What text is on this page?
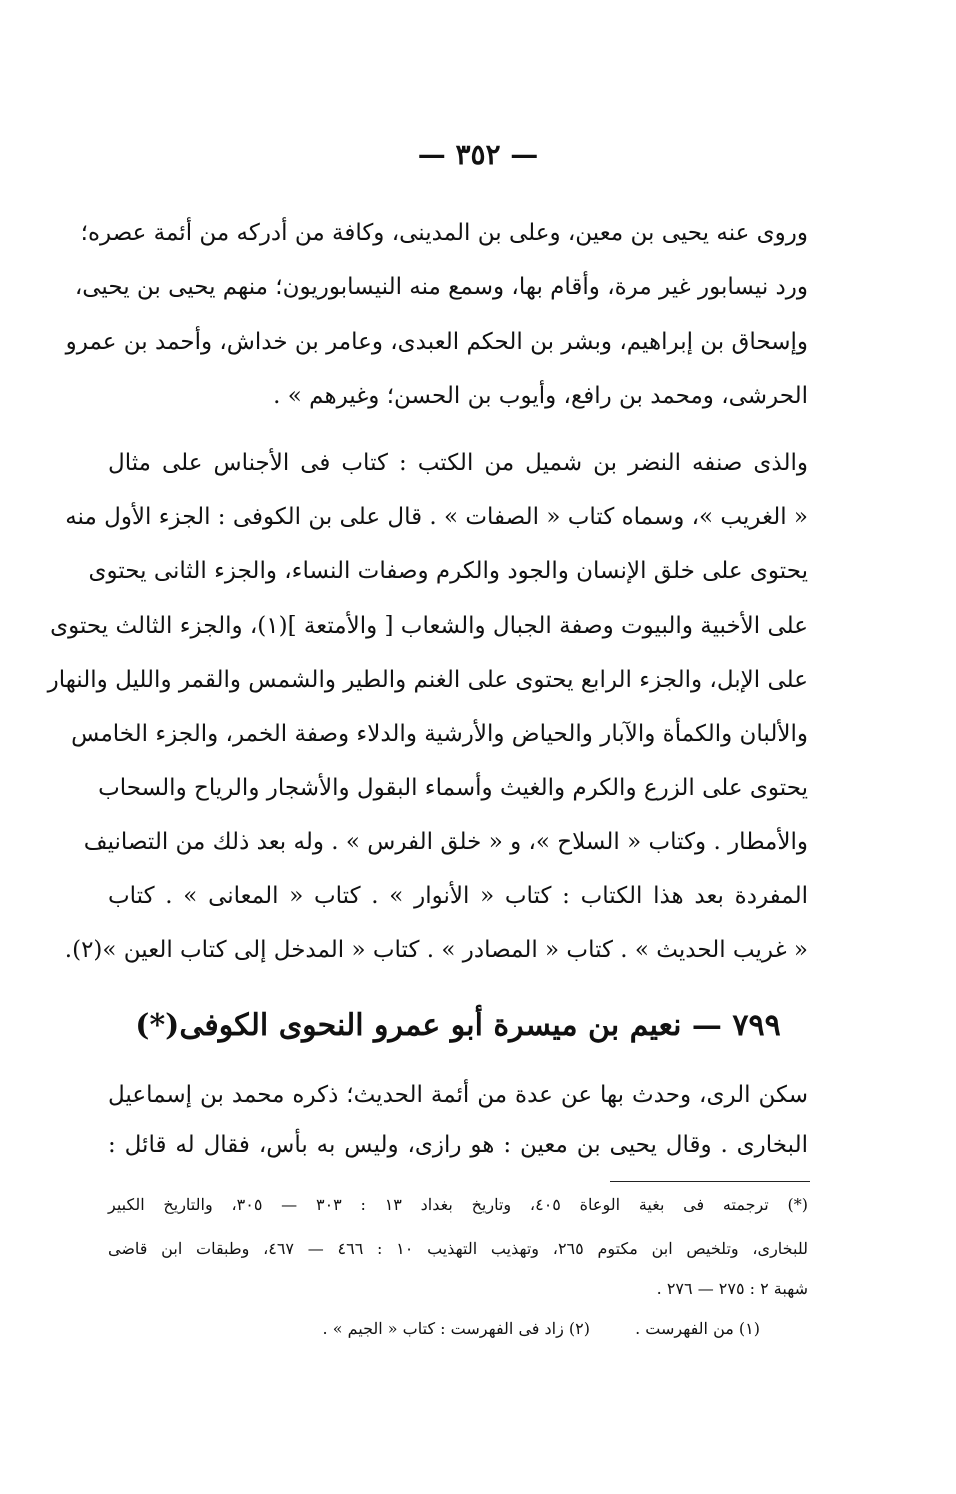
— ٣٥٢ —
وروى عنه يحيى بن معين، وعلى بن المدينى، وكافة من أدركه من أئمة عصره؛
ورد نيسابور غير مرة، وأقام بها، وسمع منه النيسابوريون؛ منهم يحيى بن يحيى،
وإسحاق بن إبراهيم، وبشر بن الحكم العبدى، وعامر بن خداش، وأحمد بن عمرو
الحرشى، ومحمد بن رافع، وأيوب بن الحسن؛ وغيرهم » .
والذى صنفه النضر بن شميل من الكتب : كتاب فى الأجناس على مثال
« الغريب »، وسماه كتاب « الصفات » . قال على بن الكوفى : الجزء الأول منه
يحتوى على خلق الإنسان والجود والكرم وصفات النساء، والجزء الثانى يحتوى
على الأخبية والبيوت وصفة الجبال والشعاب [ والأمتعة ](١)، والجزء الثالث يحتوى
على الإبل، والجزء الرابع يحتوى على الغنم والطير والشمس والقمر والليل والنهار
والألبان والكمأة والآبار والحياض والأرشية والدلاء وصفة الخمر، والجزء الخامس
يحتوى على الزرع والكرم والغيث وأسماء البقول والأشجار والرياح والسحاب
والأمطار . وكتاب « السلاح »، و « خلق الفرس » . وله بعد ذلك من التصانيف
المفردة بعد هذا الكتاب : كتاب « الأنوار » . كتاب « المعانى » . كتاب
« غريب الحديث » . كتاب « المصادر » . كتاب « المدخل إلى كتاب العين »(٢).
٧٩٩ — نعيم بن ميسرة أبو عمرو النحوى الكوفى(*)
سكن الرى، وحدث بها عن عدة من أئمة الحديث؛ ذكره محمد بن إسماعيل
البخارى . وقال يحيى بن معين : هو رازى، وليس به بأس، فقال له قائل :
(*) ترجمته فى بغية الوعاة ٤٠٥، وتاريخ بغداد ١٣ : ٣٠٣ — ٣٠٥، والتاريخ الكبير
للبخارى، وتلخيص ابن مكتوم ٢٦٥، وتهذيب التهذيب ١٠ : ٤٦٦ — ٤٦٧، وطبقات ابن قاضى
شهبة ٢ : ٢٧٥ — ٢٧٦ .
(١) من الفهرست . (٢) زاد فى الفهرست : كتاب « الجيم » .
